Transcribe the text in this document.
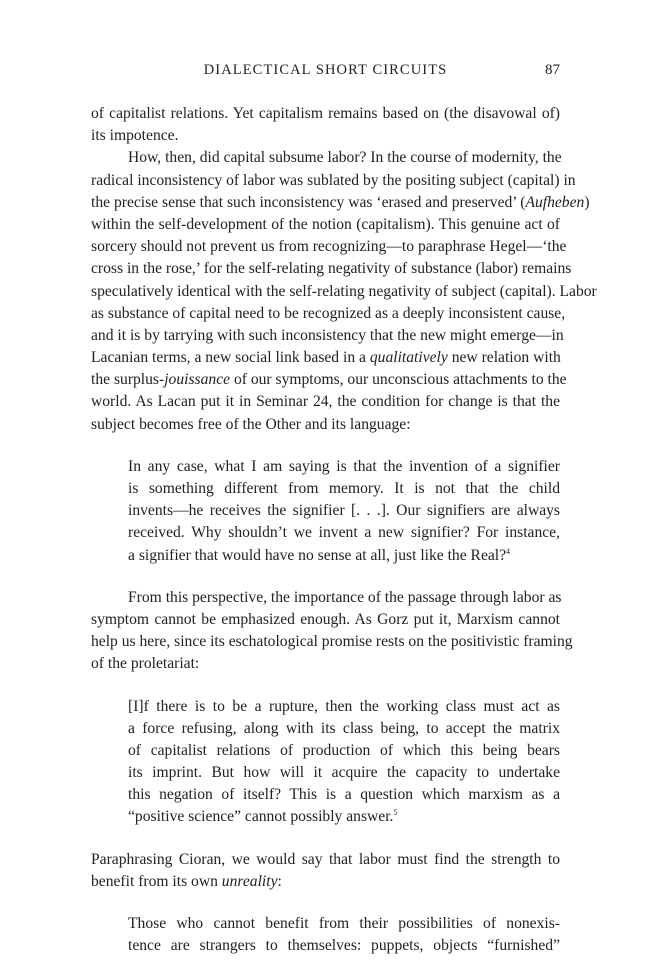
DIALECTICAL SHORT CIRCUITS	87
of capitalist relations. Yet capitalism remains based on (the disavowal of)
its impotence.
How, then, did capital subsume labor? In the course of modernity, the
radical inconsistency of labor was sublated by the positing subject (capital) in
the precise sense that such inconsistency was ‘erased and preserved’ (Aufheben)
within the self-development of the notion (capitalism). This genuine act of
sorcery should not prevent us from recognizing—to paraphrase Hegel—‘the
cross in the rose,’ for the self-relating negativity of substance (labor) remains
speculatively identical with the self-relating negativity of subject (capital). Labor
as substance of capital need to be recognized as a deeply inconsistent cause,
and it is by tarrying with such inconsistency that the new might emerge—in
Lacanian terms, a new social link based in a qualitatively new relation with
the surplus-jouissance of our symptoms, our unconscious attachments to the
world. As Lacan put it in Seminar 24, the condition for change is that the
subject becomes free of the Other and its language:
In any case, what I am saying is that the invention of a signifier
is something different from memory. It is not that the child
invents—he receives the signifier [. . .]. Our signifiers are always
received. Why shouldn’t we invent a new signifier? For instance,
a signifier that would have no sense at all, just like the Real?$^4$
From this perspective, the importance of the passage through labor as
symptom cannot be emphasized enough. As Gorz put it, Marxism cannot
help us here, since its eschatological promise rests on the positivistic framing
of the proletariat:
[I]f there is to be a rupture, then the working class must act as
a force refusing, along with its class being, to accept the matrix
of capitalist relations of production of which this being bears
its imprint. But how will it acquire the capacity to undertake
this negation of itself? This is a question which marxism as a
“positive science” cannot possibly answer.$^5$
Paraphrasing Cioran, we would say that labor must find the strength to
benefit from its own unreality:
Those who cannot benefit from their possibilities of nonexis-
tence are strangers to themselves: puppets, objects “furnished”
